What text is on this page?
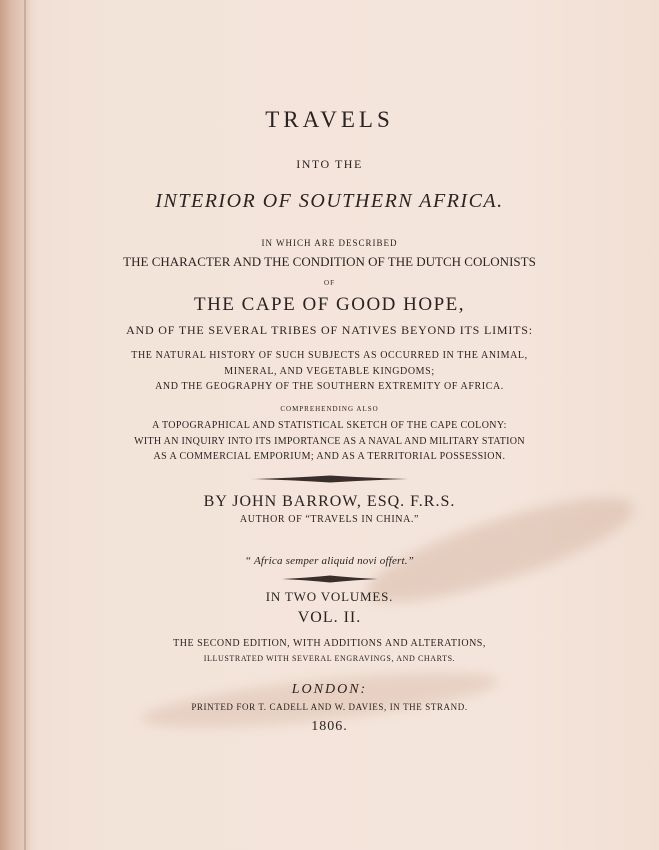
TRAVELS
INTO THE
INTERIOR OF SOUTHERN AFRICA.
IN WHICH ARE DESCRIBED
THE CHARACTER AND THE CONDITION OF THE DUTCH COLONISTS
OF
THE CAPE OF GOOD HOPE,
AND OF THE SEVERAL TRIBES OF NATIVES BEYOND ITS LIMITS:
THE NATURAL HISTORY OF SUCH SUBJECTS AS OCCURRED IN THE ANIMAL,
MINERAL, AND VEGETABLE KINGDOMS;
AND THE GEOGRAPHY OF THE SOUTHERN EXTREMITY OF AFRICA.
COMPREHENDING ALSO
A TOPOGRAPHICAL AND STATISTICAL SKETCH OF THE CAPE COLONY:
WITH AN INQUIRY INTO ITS IMPORTANCE AS A NAVAL AND MILITARY STATION
AS A COMMERCIAL EMPORIUM; AND AS A TERRITORIAL POSSESSION.
BY JOHN BARROW, ESQ. F.R.S.
AUTHOR OF “TRAVELS IN CHINA.”
“ Africa semper aliquid novi offert.”
IN TWO VOLUMES.
VOL. II.
THE SECOND EDITION, WITH ADDITIONS AND ALTERATIONS,
ILLUSTRATED WITH SEVERAL ENGRAVINGS, AND CHARTS.
LONDON:
PRINTED FOR T. CADELL AND W. DAVIES, IN THE STRAND.
1806.
